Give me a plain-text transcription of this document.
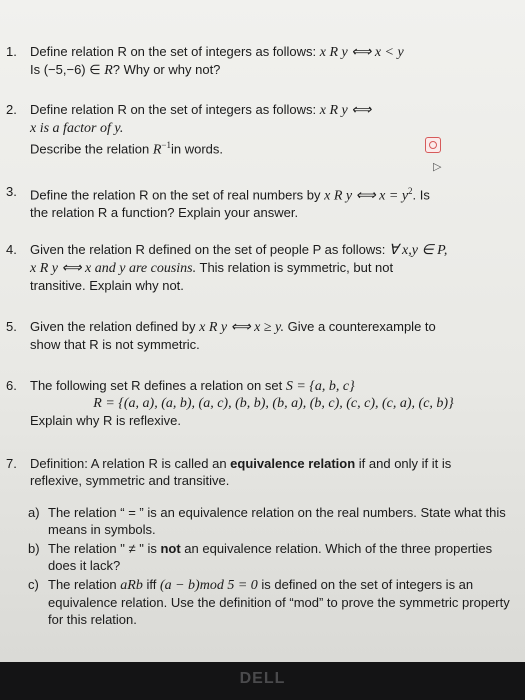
1.	Define relation R on the set of integers as follows: x R y ⟺ x < y
Is (−5,−6) ∈ R? Why or why not?
2.	Define relation R on the set of integers as follows: x R y ⟺
x is a factor of y.
Describe the relation $R^{-1}in$ words.
▷
3.	Define the relation R on the set of real numbers by x R y ⟺ $x = y^2$. Is
the relation R a function? Explain your answer.
4.	Given the relation R defined on the set of people P as follows: ∀ x,y ∈ P,
x R y ⟺ x and y are cousins. This relation is symmetric, but not
transitive. Explain why not.
5.	Given the relation defined by x R y ⟺ x ≥ y. Give a counterexample to
show that R is not symmetric.
6.	The following set R defines a relation on set S = {a, b, c}

R = {(a, a), (a, b), (a, c), (b, b), (b, a), (b, c), (c, c), (c, a), (c, b)}
Explain why R is reflexive.
7.	Definition: A relation R is called an equivalence relation if and only if it is
reflexive, symmetric and transitive.
a) The relation “ = ” is an equivalence relation on the real numbers. State what this means in symbols.
b) The relation " ≠ " is not an equivalence relation. Which of the three properties does it lack?
c) The relation aRb iff (a − b)mod 5 = 0 is defined on the set of integers is an equivalence relation. Use the definition of “mod” to prove the symmetric property for this relation.
DELL
